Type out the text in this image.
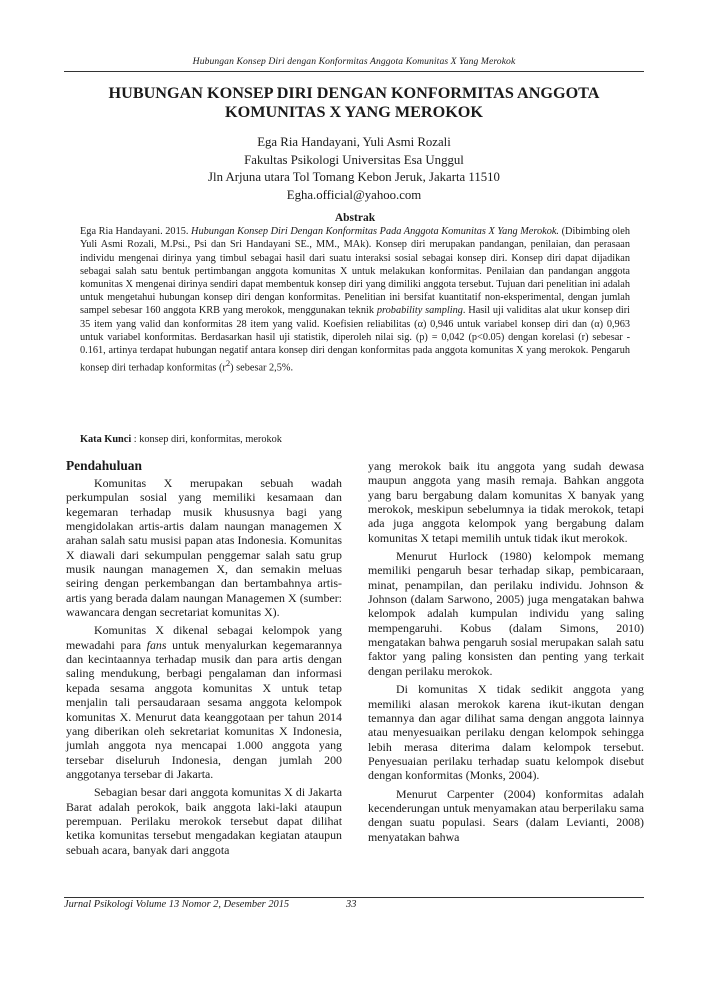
Hubungan Konsep Diri dengan Konformitas Anggota Komunitas X Yang Merokok
HUBUNGAN KONSEP DIRI DENGAN KONFORMITAS ANGGOTA
KOMUNITAS X YANG MEROKOK
Ega Ria Handayani, Yuli Asmi Rozali
Fakultas Psikologi Universitas Esa Unggul
Jln Arjuna utara Tol Tomang Kebon Jeruk, Jakarta 11510
Egha.official@yahoo.com
Abstrak

Ega Ria Handayani. 2015. Hubungan Konsep Diri Dengan Konformitas Pada Anggota Komunitas X Yang Merokok. (Dibimbing oleh Yuli Asmi Rozali, M.Psi., Psi dan Sri Handayani SE., MM., MAk). Konsep diri merupakan pandangan, penilaian, dan perasaan individu mengenai dirinya yang timbul sebagai hasil dari suatu interaksi sosial sebagai konsep diri. Konsep diri dapat dijadikan sebagai salah satu bentuk pertimbangan anggota komunitas X untuk melakukan konformitas. Penilaian dan pandangan anggota komunitas X mengenai dirinya sendiri dapat membentuk konsep diri yang dimiliki anggota tersebut. Tujuan dari penelitian ini adalah untuk mengetahui hubungan konsep diri dengan konformitas. Penelitian ini bersifat kuantitatif non-eksperimental, dengan jumlah sampel sebesar 160 anggota KRB yang merokok, menggunakan teknik probability sampling. Hasil uji validitas alat ukur konsep diri 35 item yang valid dan konformitas 28 item yang valid. Koefisien reliabilitas (α) 0,946 untuk variabel konsep diri dan (α) 0,963 untuk variabel konformitas. Berdasarkan hasil uji statistik, diperoleh nilai sig. (p) = 0,042 (p<0.05) dengan korelasi (r) sebesar - 0.161, artinya terdapat hubungan negatif antara konsep diri dengan konformitas pada anggota komunitas X yang merokok. Pengaruh konsep diri terhadap konformitas $(r^2)$ sebesar 2,5%.

Kata Kunci : konsep diri, konformitas, merokok
Pendahuluan

Komunitas X merupakan sebuah wadah perkumpulan sosial yang memiliki kesamaan dan kegemaran terhadap musik khususnya bagi yang mengidolakan artis-artis dalam naungan managemen X arahan salah satu musisi papan atas Indonesia. Komunitas X diawali dari sekumpulan penggemar salah satu grup musik naungan managemen X, dan semakin meluas seiring dengan perkembangan dan bertambahnya artis-artis yang berada dalam naungan Managemen X (sumber: wawancara dengan secretariat komunitas X).

Komunitas X dikenal sebagai kelompok yang mewadahi para fans untuk menyalurkan kegemarannya dan kecintaannya terhadap musik dan para artis dengan saling mendukung, berbagi pengalaman dan informasi kepada sesama anggota komunitas X untuk tetap menjalin tali persaudaraan sesama anggota kelompok komunitas X. Menurut data keanggotaan per tahun 2014 yang diberikan oleh sekretariat komunitas X Indonesia, jumlah anggota nya mencapai 1.000 anggota yang tersebar diseluruh Indonesia, dengan jumlah 200 anggotanya tersebar di Jakarta.

Sebagian besar dari anggota komunitas X di Jakarta Barat adalah perokok, baik anggota laki-laki ataupun perempuan. Perilaku merokok tersebut dapat dilihat ketika komunitas tersebut mengadakan kegiatan ataupun sebuah acara, banyak dari anggota

yang merokok baik itu anggota yang sudah dewasa maupun anggota yang masih remaja. Bahkan anggota yang baru bergabung dalam komunitas X banyak yang merokok, meskipun sebelumnya ia tidak merokok, tetapi ada juga anggota kelompok yang bergabung dalam komunitas X tetapi memilih untuk tidak ikut merokok.

Menurut Hurlock (1980) kelompok memang memiliki pengaruh besar terhadap sikap, pembicaraan, minat, penampilan, dan perilaku individu. Johnson & Johnson (dalam Sarwono, 2005) juga mengatakan bahwa kelompok adalah kumpulan individu yang saling mempengaruhi. Kobus (dalam Simons, 2010) mengatakan bahwa pengaruh sosial merupakan salah satu faktor yang paling konsisten dan penting yang terkait dengan perilaku merokok.

Di komunitas X tidak sedikit anggota yang memiliki alasan merokok karena ikut-ikutan dengan temannya dan agar dilihat sama dengan anggota lainnya atau menyesuaikan perilaku dengan kelompok sehingga lebih merasa diterima dalam kelompok tersebut. Penyesuaian perilaku terhadap suatu kelompok disebut dengan konformitas (Monks, 2004).

Menurut Carpenter (2004) konformitas adalah kecenderungan untuk menyamakan atau berperilaku sama dengan suatu populasi. Sears (dalam Levianti, 2008) menyatakan bahwa

Jurnal Psikologi Volume 13 Nomor 2, Desember 2015	33
